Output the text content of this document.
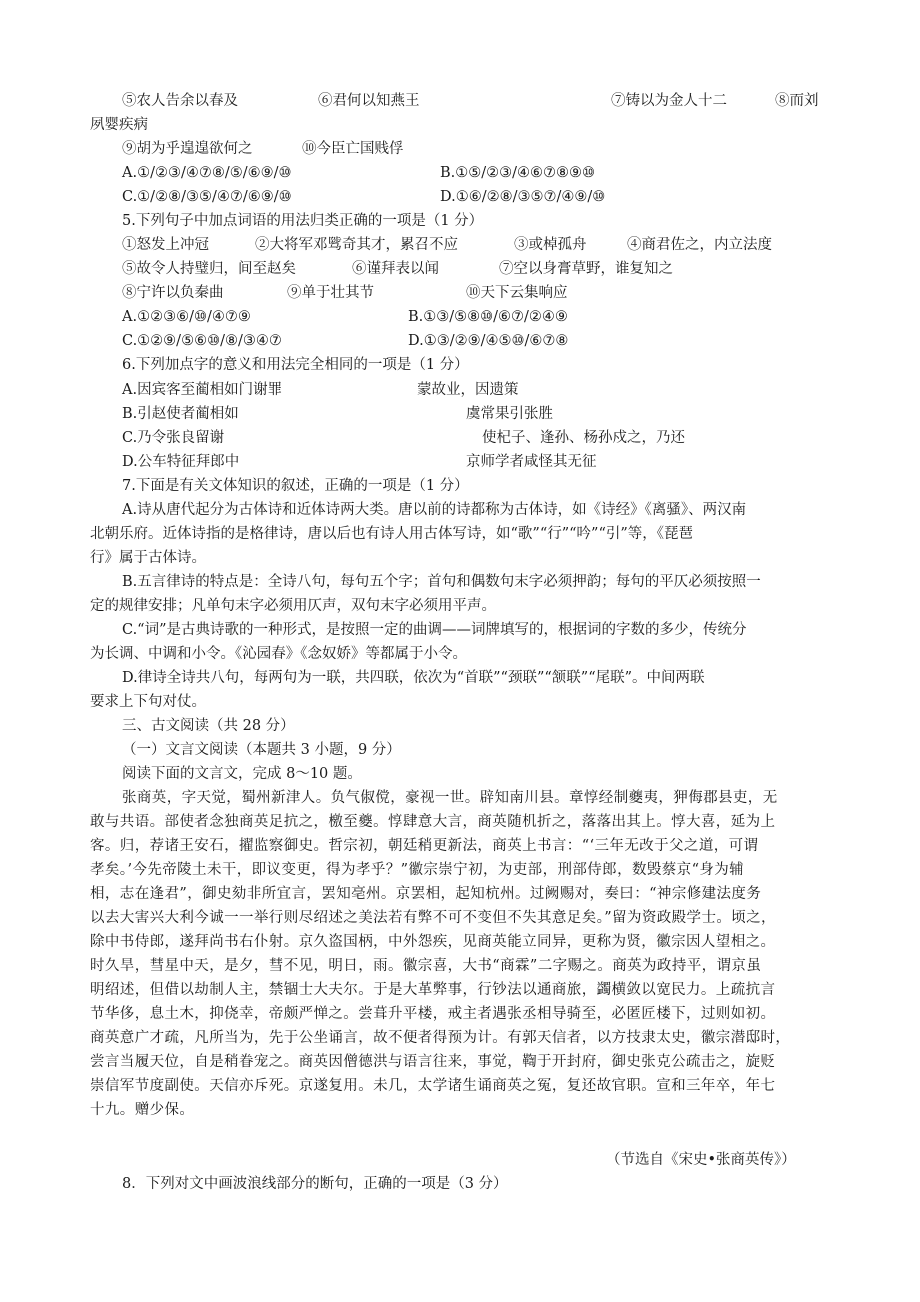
⑤农人告余以春及	⑥君何以知燕王	⑦铸以为金人十二	⑧而刘
夙婴疾病
⑨胡为乎遑遑欲何之	⑩今臣亡国贱俘
A.①/②③/④⑦⑧/⑤/⑥⑨/⑩	B.①⑤/②③/④⑥⑦⑧⑨⑩
C.①/②⑧/③⑤/④⑦/⑥⑨/⑩	D.①⑥/②⑧/③⑤⑦/④⑨/⑩
5.下列句子中加点词语的用法归类正确的一项是（1 分）
①怒发上冲冠	②大将军邓骘奇其才，累召不应	③或棹孤舟	④商君佐之，内立法度
⑤故令人持璧归，间至赵矣	⑥谨拜表以闻	⑦空以身膏草野，谁复知之
⑧宁许以负秦曲	⑨单于壮其节	⑩天下云集响应
A.①②③⑥/⑩/④⑦⑨	B.①③/⑤⑧⑩/⑥⑦/②④⑨
C.①②⑨/⑤⑥⑩/⑧/③④⑦	D.①③/②⑨/④⑤⑩/⑥⑦⑧
6.下列加点字的意义和用法完全相同的一项是（1 分）
A.因宾客至蔺相如门谢罪	蒙故业，因遗策
B.引赵使者蔺相如	虞常果引张胜
C.乃令张良留谢	使杞子、逢孙、杨孙戍之，乃还
D.公车特征拜郎中	京师学者咸怪其无征
7.下面是有关文体知识的叙述，正确的一项是（1 分）
A.诗从唐代起分为古体诗和近体诗两大类。唐以前的诗都称为古体诗，如《诗经》《离骚》、两汉南
北朝乐府。近体诗指的是格律诗，唐以后也有诗人用古体写诗，如“歌”“行”“吟”“引”等，《琵琶
行》属于古体诗。
B.五言律诗的特点是：全诗八句，每句五个字；首句和偶数句末字必须押韵；每句的平仄必须按照一
定的规律安排；凡单句末字必须用仄声，双句末字必须用平声。
C.“词”是古典诗歌的一种形式，是按照一定的曲调——词牌填写的，根据词的字数的多少，传统分
为长调、中调和小令。《沁园春》《念奴娇》等都属于小令。
D.律诗全诗共八句，每两句为一联，共四联，依次为“首联”“颈联”“颔联”“尾联”。中间两联
要求上下句对仗。
三、古文阅读（共 28 分）
（一）文言文阅读（本题共 3 小题，9 分）
阅读下面的文言文，完成 8～10 题。
张商英，字天觉，蜀州新津人。负气俶傥，豪视一世。辟知南川县。章惇经制夔夷，狎侮郡县吏，无
敢与共语。部使者念独商英足抗之，檄至夔。惇肆意大言，商英随机折之，落落出其上。惇大喜，延为上
客。归，荐诸王安石，擢监察御史。哲宗初，朝廷稍更新法，商英上书言：“‘三年无改于父之道，可谓
孝矣。’今先帝陵土未干，即议变更，得为孝乎？”徽宗崇宁初，为吏部，刑部侍郎，数毁蔡京“身为辅
相，志在逢君”，御史劾非所宜言，罢知亳州。京罢相，起知杭州。过阙赐对，奏曰：“神宗修建法度务
以去大害兴大利今诚一一举行则尽绍述之美法若有弊不可不变但不失其意足矣。”留为资政殿学士。顷之，
除中书侍郎，遂拜尚书右仆射。京久盗国柄，中外怨疾，见商英能立同异，更称为贤，徽宗因人望相之。
时久旱，彗星中天，是夕，彗不见，明日，雨。徽宗喜，大书“商霖”二字赐之。商英为政持平，谓京虽
明绍述，但借以劫制人主，禁锢士大夫尔。于是大革弊事，行钞法以通商旅，蠲横敛以宽民力。上疏抗言
节华侈，息土木，抑侥幸，帝颇严惮之。尝葺升平楼，戒主者遇张丞相导骑至，必匿匠楼下，过则如初。
商英意广才疏，凡所当为，先于公坐诵言，故不便者得预为计。有郭天信者，以方技隶太史，徽宗潜邸时，
尝言当履天位，自是稍眷宠之。商英因僧德洪与语言往来，事觉，鞫于开封府，御史张克公疏击之，旋贬
崇信军节度副使。天信亦斥死。京遂复用。未几，太学诸生诵商英之冤，复还故官职。宣和三年卒，年七
十九。赠少保。
（节选自《宋史•张商英传》）
8．下列对文中画波浪线部分的断句，正确的一项是（3 分）
